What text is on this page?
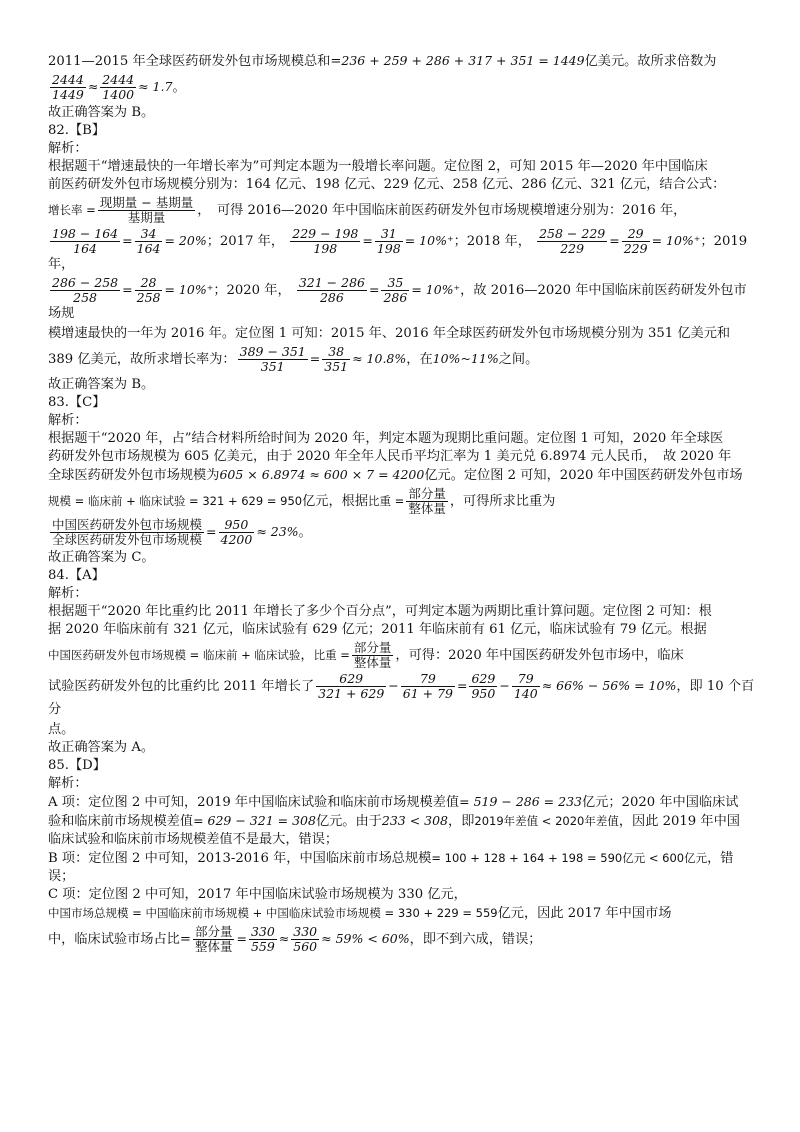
2011—2015 年全球医药研发外包市场规模总和=236 + 259 + 286 + 317 + 351 = 1449亿美元。故所求倍数为

$\frac{2444}{1449} \approx \frac{2444}{1400} \approx 1.7$。

故正确答案为 B。

82.【B】

解析：

根据题干“增速最快的一年增长率为”可判定本题为一般增长率问题。定位图 2，可知 2015 年—2020 年中国临床

前医药研发外包市场规模分别为：164 亿元、198 亿元、229 亿元、258 亿元、286 亿元、321 亿元，结合公式：

增长率 = $\frac{\text{现期量 − 基期量}}{\text{基期量}}$ ，　可得 2016—2020 年中国临床前医药研发外包市场规模增速分别为：2016 年，

$\frac{198 - 164}{164} = \frac{34}{164} = 20\%$；2017 年， $\frac{229 - 198}{198} = \frac{31}{198} = 10\%^+$；2018 年， $\frac{258 - 229}{229} = \frac{29}{229} = 10\%^+$；2019 年，

$\frac{286 - 258}{258} = \frac{28}{258} = 10\%^+$；2020 年， $\frac{321 - 286}{286} = \frac{35}{286} = 10\%^+$，故 2016—2020 年中国临床前医药研发外包市场规

模增速最快的一年为 2016 年。定位图 1 可知：2015 年、2016 年全球医药研发外包市场规模分别为 351 亿美元和

389 亿美元，故所求增长率为： $\frac{389 - 351}{351} = \frac{38}{351} \approx 10.8\%$，在10%~11%之间。

故正确答案为 B。

83.【C】

解析：

根据题干“2020 年，占”结合材料所给时间为 2020 年，判定本题为现期比重问题。定位图 1 可知，2020 年全球医

药研发外包市场规模为 605 亿美元，由于 2020 年全年人民币平均汇率为 1 美元兑 6.8974 元人民币，　故 2020 年

全球医药研发外包市场规模为605 × 6.8974 ≈ 600 × 7 = 4200亿元。定位图 2 可知，2020 年中国医药研发外包市场

规模 = 临床前 + 临床试验 = 321 + 629 = 950亿元，根据比重 = $\frac{\text{部分量}}{\text{整体量}}$ ，可得所求比重为

$\frac{\text{中国医药研发外包市场规模}}{\text{全球医药研发外包市场规模}} = \frac{950}{4200} \approx 23\%$。

故正确答案为 C。

84.【A】

解析：

根据题干“2020 年比重约比 2011 年增长了多少个百分点”，可判定本题为两期比重计算问题。定位图 2 可知：根

据 2020 年临床前有 321 亿元，临床试验有 629 亿元；2011 年临床前有 61 亿元，临床试验有 79 亿元。根据

中国医药研发外包市场规模 = 临床前 + 临床试验，比重 = $\frac{\text{部分量}}{\text{整体量}}$ ，可得：2020 年中国医药研发外包市场中，临床

试验医药研发外包的比重约比 2011 年增长了 $\frac{629}{321 + 629} - \frac{79}{61 + 79} = \frac{629}{950} - \frac{79}{140} \approx 66\% - 56\% = 10\%$，即 10 个百分

点。

故正确答案为 A。

85.【D】

解析：

A 项：定位图 2 中可知，2019 年中国临床试验和临床前市场规模差值= 519 − 286 = 233亿元；2020 年中国临床试

验和临床前市场规模差值= 629 − 321 = 308亿元。由于233 < 308，即2019年差值 < 2020年差值，因此 2019 年中国

临床试验和临床前市场规模差值不是最大，错误；

B 项：定位图 2 中可知，2013-2016 年，中国临床前市场总规模= 100 + 128 + 164 + 198 = 590亿元 < 600亿元，错

误；

C 项：定位图 2 中可知，2017 年中国临床试验市场规模为 330 亿元，

中国市场总规模 = 中国临床前市场规模 + 中国临床试验市场规模 = 330 + 229 = 559亿元，因此 2017 年中国市场

中，临床试验市场占比= $\frac{\text{部分量}}{\text{整体量}} = \frac{330}{559} \approx \frac{330}{560} \approx 59\% < 60\%$，即不到六成，错误；
